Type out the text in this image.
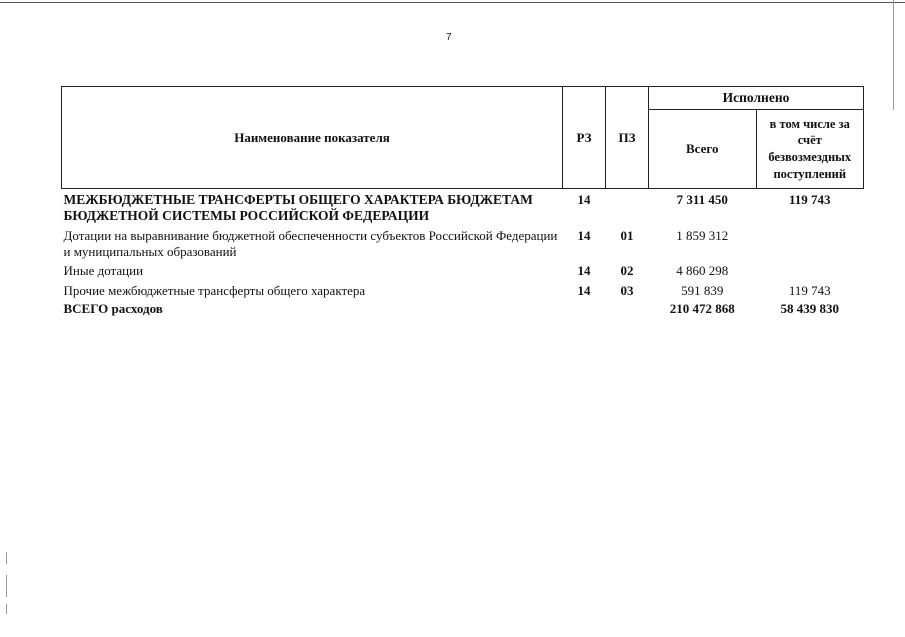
7
Наименование показателя	РЗ	ПЗ	Исполнено	
			Всего	в том числе за счёт безвозмездных поступлений
МЕЖБЮДЖЕТНЫЕ ТРАНСФЕРТЫ ОБЩЕГО ХАРАКТЕРА БЮДЖЕТАМ БЮДЖЕТНОЙ СИСТЕМЫ РОССИЙСКОЙ ФЕДЕРАЦИИ	14		7 311 450	119 743
Дотации на выравнивание бюджетной обеспеченности субъектов Российской Федерации и муниципальных образований	14	01	1 859 312	
Иные дотации	14	02	4 860 298	
Прочие межбюджетные трансферты общего характера	14	03	591 839	119 743
ВСЕГО расходов			210 472 868	58 439 830
